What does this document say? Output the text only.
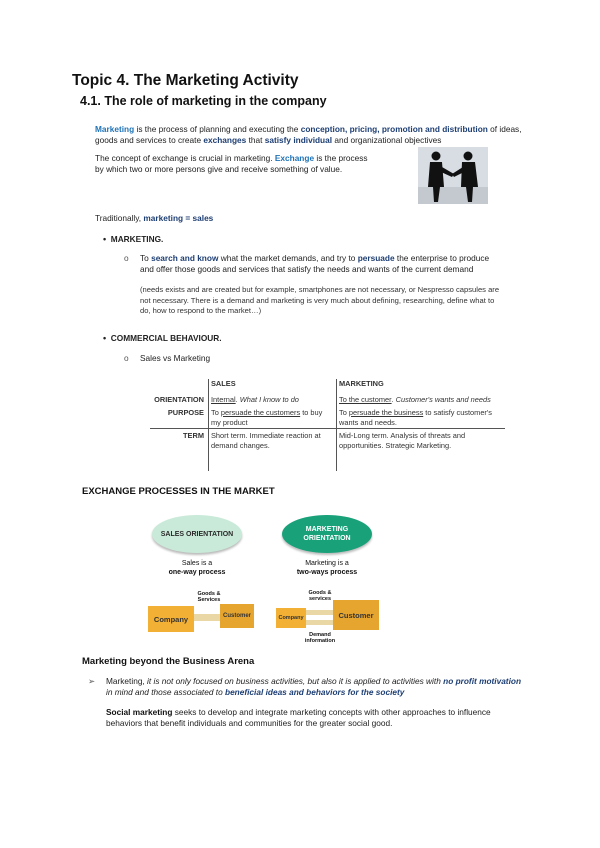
Topic 4. The Marketing Activity
4.1. The role of marketing in the company
Marketing is the process of planning and executing the conception, pricing, promotion and distribution of ideas, goods and services to create exchanges that satisfy individual and organizational objectives
The concept of exchange is crucial in marketing. Exchange is the process by which two or more persons give and receive something of value.
Traditionally, marketing = sales
• MARKETING.
o To search and know what the market demands, and try to persuade the enterprise to produce and offer those goods and services that satisfy the needs and wants of the current demand
(needs exists and are created but for example, smartphones are not necessary, or Nespresso capsules are not necessary. There is a demand and marketing is very much about defining, researching, define what to do, how to respond to the market…)
• COMMERCIAL BEHAVIOUR.
o Sales vs Marketing
	SALES	MARKETING

ORIENTATION	Internal. What I know to do	To the customer. Customer's wants and needs
PURPOSE	To persuade the customers to buy my product	To persuade the business to satisfy customer's wants and needs.
TERM	Short term. Immediate reaction at demand changes.	Mid-Long term. Analysis of threats and opportunities. Strategic Marketing.
EXCHANGE PROCESSES IN THE MARKET
SALES ORIENTATION
MARKETING ORIENTATION
Sales is a
one-way process
Marketing is a
two-ways process
Company	Customer
Goods & Services
Company	Customer
Goods & services
Demand information
Marketing beyond the Business Arena
➢ Marketing, it is not only focused on business activities, but also it is applied to activities with no profit motivation in mind and those associated to beneficial ideas and behaviors for the society
Social marketing seeks to develop and integrate marketing concepts with other approaches to influence behaviors that benefit individuals and communities for the greater social good.
